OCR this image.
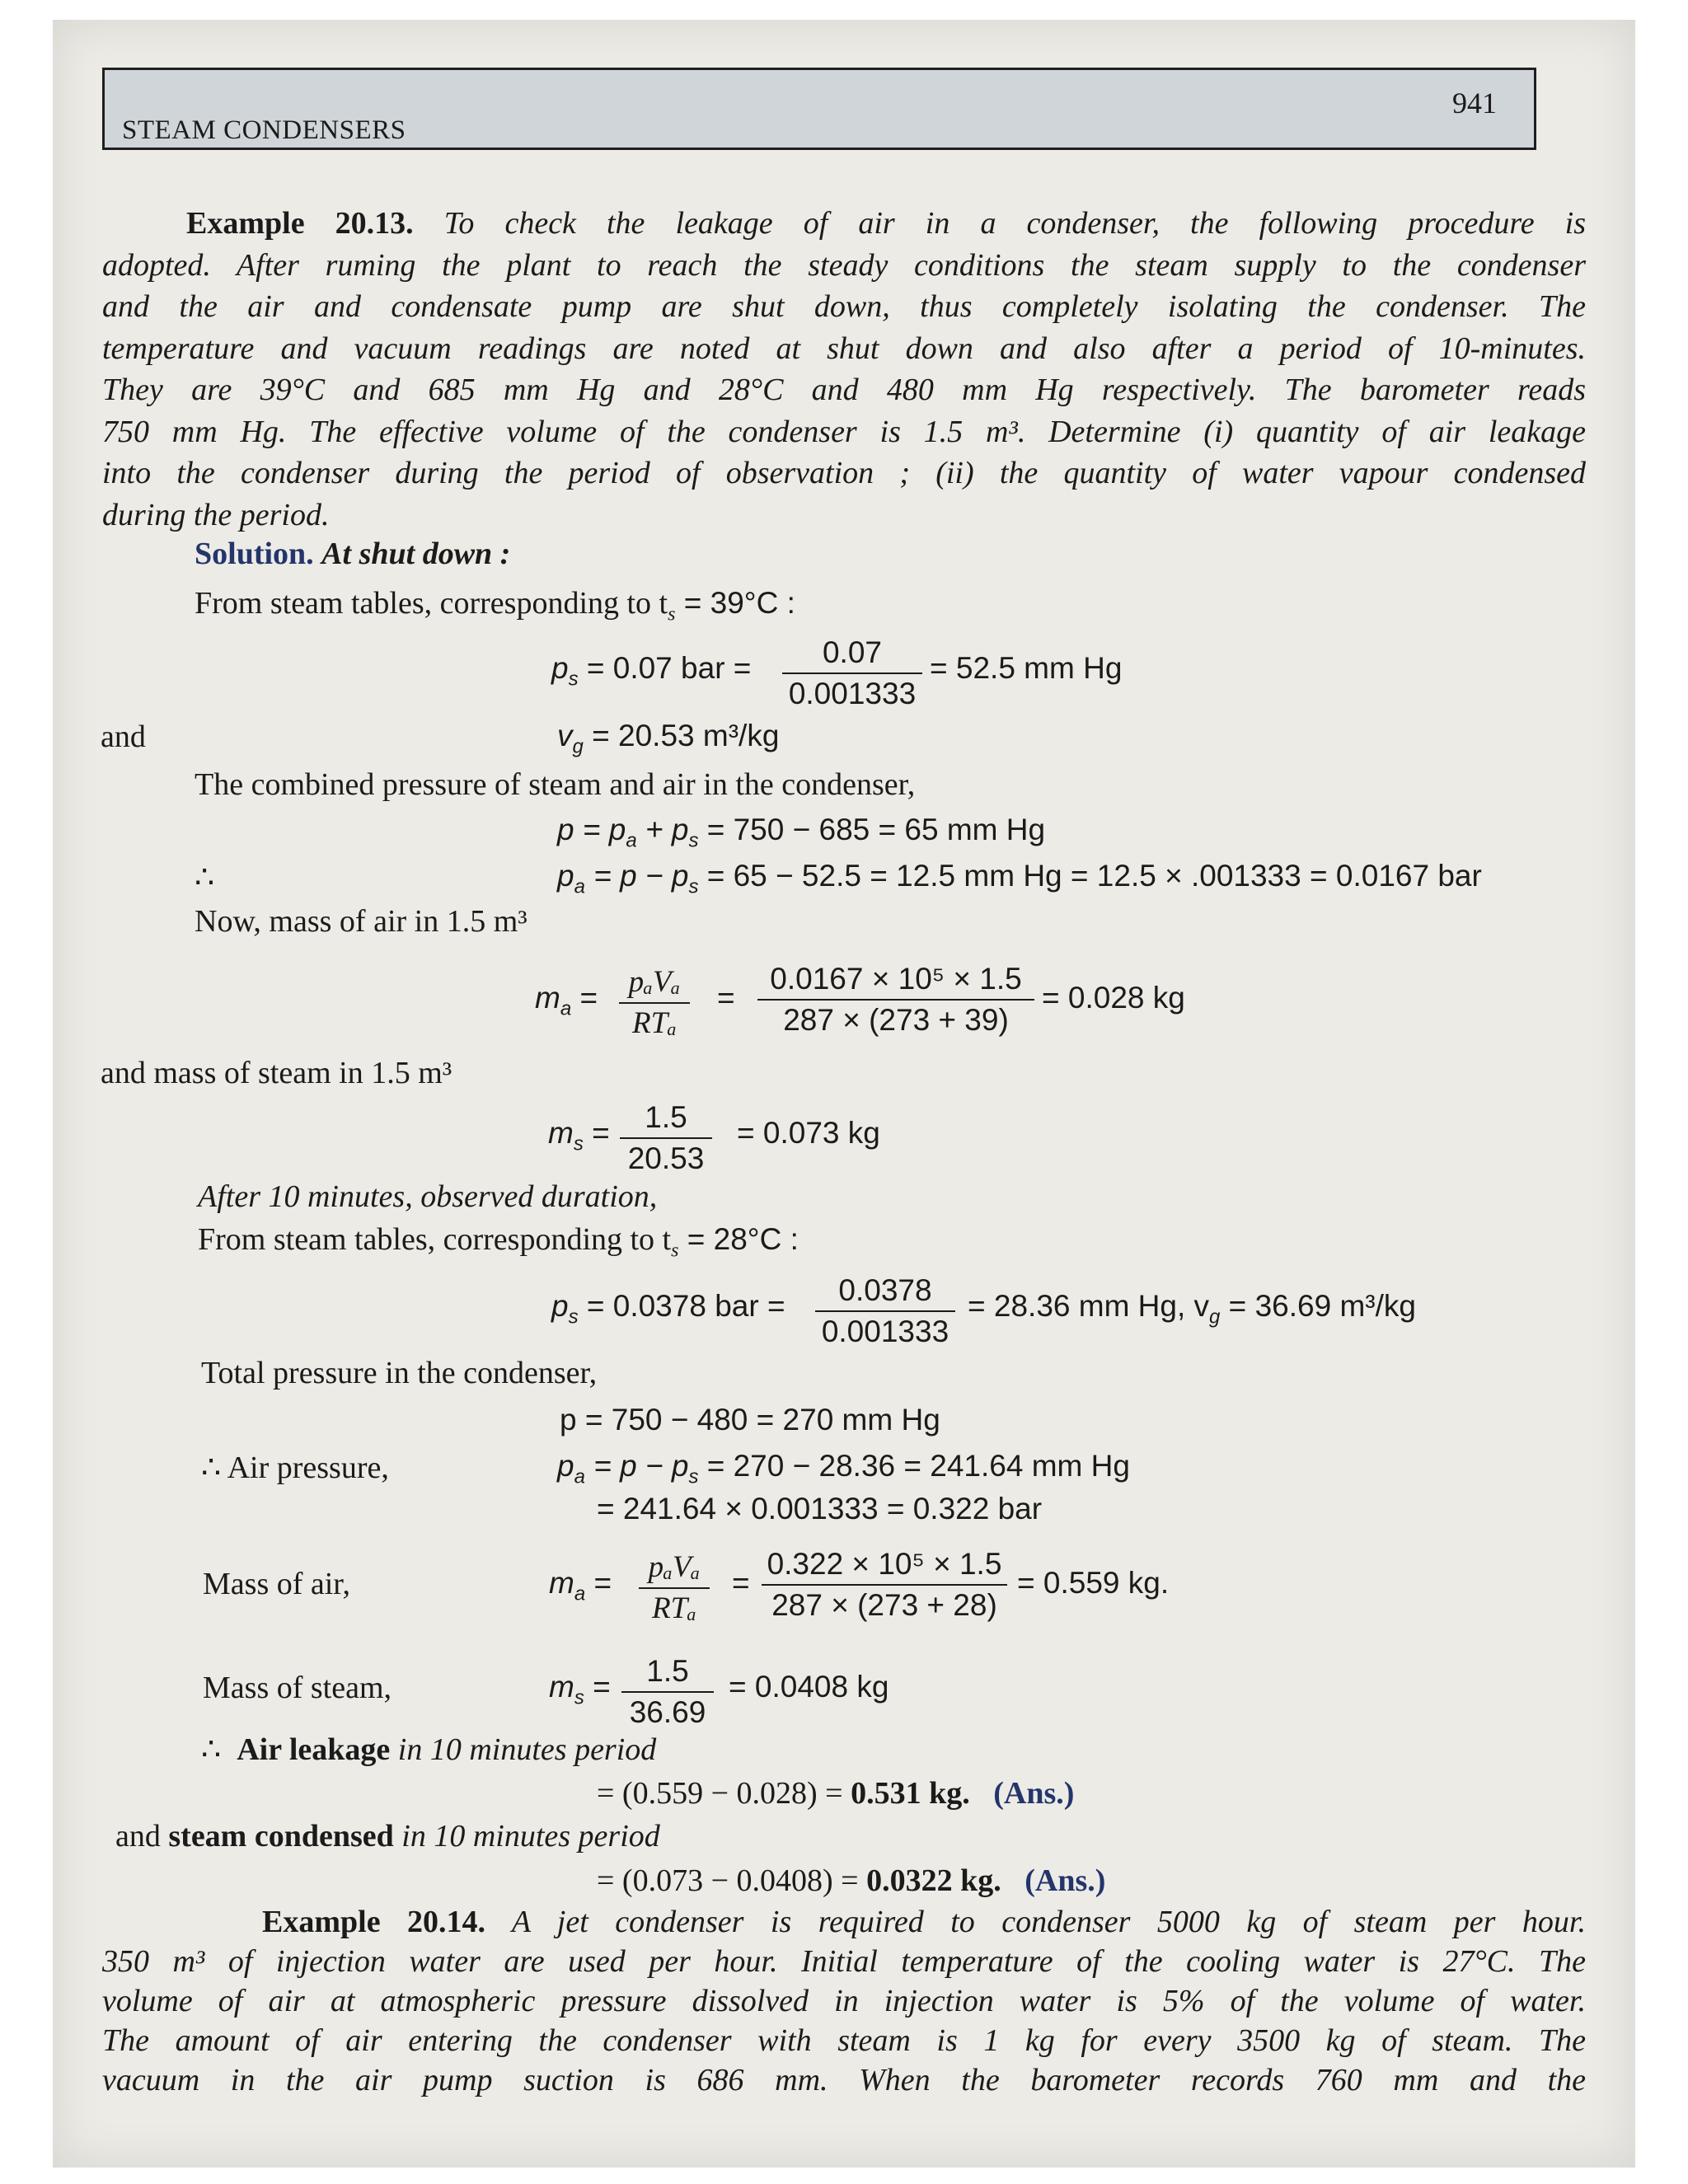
STEAM CONDENSERS
941
Example 20.13. To check the leakage of air in a condenser, the following procedure is
adopted. After ruming the plant to reach the steady conditions the steam supply to the condenser
and the air and condensate pump are shut down, thus completely isolating the condenser. The
temperature and vacuum readings are noted at shut down and also after a period of 10-minutes.
They are 39°C and 685 mm Hg and 28°C and 480 mm Hg respectively. The barometer reads
750 mm Hg. The effective volume of the condenser is 1.5 m³. Determine (i) quantity of air leakage
into the condenser during the period of observation ; (ii) the quantity of water vapour condensed
during the period.
Solution. At shut down :
From steam tables, corresponding to $t_s = 39^\circ C$ :
$p_s = 0.07$ bar = $\frac{0.07}{0.001333} = 52.5$ mm Hg
and	$v_g = 20.53$ m³/kg
The combined pressure of steam and air in the condenser,
$p = p_a + p_s = 750 - 685 = 65$ mm Hg
∴	$p_a = p - p_s = 65 - 52.5 = 12.5$ mm Hg = 12.5 × .001333 = 0.0167 bar
Now, mass of air in 1.5 m³
$m_a$ =	pₐVₐ
RTₐ
= $\frac{\text{0.0167 × 10⁵ × 1.5}}{287 \times (273 + 39)} = 0.028$ kg
and mass of steam in 1.5 m³
$m_s = \frac{1.5}{20.53} = 0.073$ kg
After 10 minutes, observed duration,
From steam tables, corresponding to $t_s = 28^\circ C$ :
$p_s = 0.0378$ bar = $\frac{0.0378}{0.001333} = 28.36$ mm Hg, $v_g = 36.69$ m³/kg
Total pressure in the condenser,
p = 750 − 480 = 270 mm Hg
∴ Air pressure,	$p_a = p - p_s = 270 - 28.36 = 241.64$ mm Hg
= 241.64 × 0.001333 = 0.322 bar
Mass of air,	$m_a$ =	pₐVₐ
RTₐ
= $\frac{\text{0.322 × 10⁵ × 1.5}}{287 \times (273 + 28)} = 0.559$ kg.
Mass of steam,	$m_s = \frac{1.5}{36.69} = 0.0408$ kg
∴ Air leakage in 10 minutes period
= (0.559 − 0.028) = 0.531 kg. (Ans.)
and steam condensed in 10 minutes period
= (0.073 − 0.0408) = 0.0322 kg. (Ans.)
Example 20.14. A jet condenser is required to condenser 5000 kg of steam per hour.
350 m³ of injection water are used per hour. Initial temperature of the cooling water is 27°C. The
volume of air at atmospheric pressure dissolved in injection water is 5% of the volume of water.
The amount of air entering the condenser with steam is 1 kg for every 3500 kg of steam. The
vacuum in the air pump suction is 686 mm. When the barometer records 760 mm and the
